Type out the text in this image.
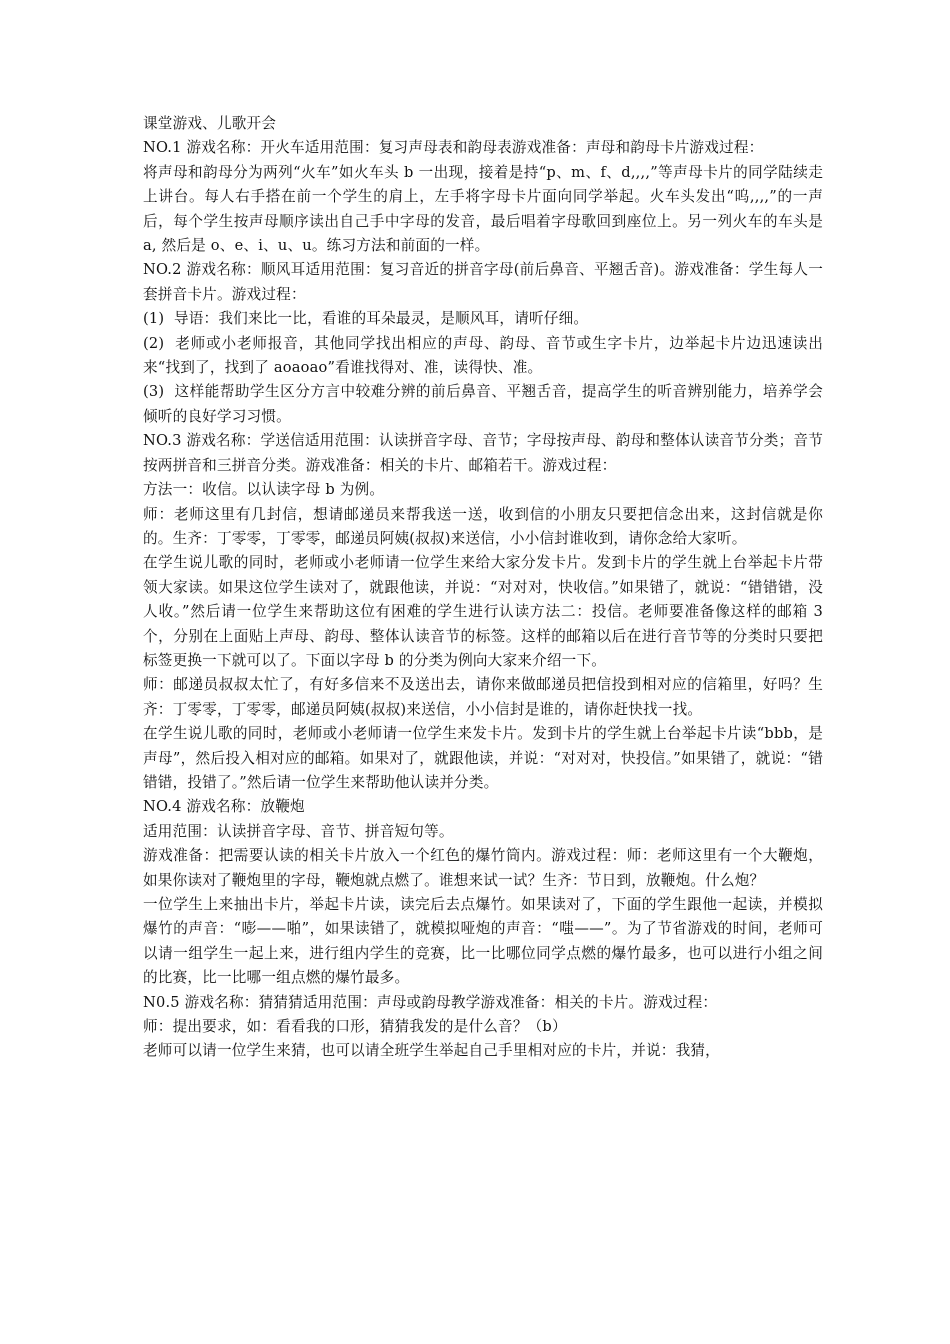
课堂游戏、儿歌开会

NO.1 游戏名称：开火车适用范围：复习声母表和韵母表游戏准备：声母和韵母卡片游戏过程：

将声母和韵母分为两列“火车”如火车头 b 一出现，接着是持“p、m、f、d,,,,”等声母卡片的同学陆续走上讲台。每人右手搭在前一个学生的肩上，左手将字母卡片面向同学举起。火车头发出“呜,,,,”的一声后，每个学生按声母顺序读出自己手中字母的发音，最后唱着字母歌回到座位上。另一列火车的车头是 a, 然后是 o、e、i、u、u。练习方法和前面的一样。

NO.2 游戏名称：顺风耳适用范围：复习音近的拼音字母(前后鼻音、平翘舌音)。游戏准备：学生每人一套拼音卡片。游戏过程：

(1)  导语：我们来比一比，看谁的耳朵最灵，是顺风耳，请听仔细。

(2)  老师或小老师报音，其他同学找出相应的声母、韵母、音节或生字卡片，边举起卡片边迅速读出来“找到了，找到了 aoaoao”看谁找得对、准，读得快、准。

(3)  这样能帮助学生区分方言中较难分辨的前后鼻音、平翘舌音，提高学生的听音辨别能力，培养学会倾听的良好学习习惯。

NO.3 游戏名称：学送信适用范围：认读拼音字母、音节；字母按声母、韵母和整体认读音节分类；音节按两拼音和三拼音分类。游戏准备：相关的卡片、邮箱若干。游戏过程：

方法一：收信。以认读字母 b 为例。

师：老师这里有几封信，想请邮递员来帮我送一送，收到信的小朋友只要把信念出来，这封信就是你的。生齐：丁零零，丁零零，邮递员阿姨(叔叔)来送信，小小信封谁收到，请你念给大家听。

在学生说儿歌的同时，老师或小老师请一位学生来给大家分发卡片。发到卡片的学生就上台举起卡片带领大家读。如果这位学生读对了，就跟他读，并说：“对对对，快收信。”如果错了，就说：“错错错，没人收。”然后请一位学生来帮助这位有困难的学生进行认读方法二：投信。老师要准备像这样的邮箱 3 个，分别在上面贴上声母、韵母、整体认读音节的标签。这样的邮箱以后在进行音节等的分类时只要把标签更换一下就可以了。下面以字母 b 的分类为例向大家来介绍一下。

师：邮递员叔叔太忙了，有好多信来不及送出去，请你来做邮递员把信投到相对应的信箱里，好吗？生齐：丁零零，丁零零，邮递员阿姨(叔叔)来送信，小小信封是谁的，请你赶快找一找。

在学生说儿歌的同时，老师或小老师请一位学生来发卡片。发到卡片的学生就上台举起卡片读“bbb，是声母”，然后投入相对应的邮箱。如果对了，就跟他读，并说：“对对对，快投信。”如果错了，就说：“错错错，投错了。”然后请一位学生来帮助他认读并分类。

NO.4 游戏名称：放鞭炮

适用范围：认读拼音字母、音节、拼音短句等。

游戏准备：把需要认读的相关卡片放入一个红色的爆竹筒内。游戏过程：师：老师这里有一个大鞭炮，如果你读对了鞭炮里的字母，鞭炮就点燃了。谁想来试一试？生齐：节日到，放鞭炮。什么炮？

一位学生上来抽出卡片，举起卡片读，读完后去点爆竹。如果读对了，下面的学生跟他一起读，并模拟爆竹的声音：“嘭——啪”，如果读错了，就模拟哑炮的声音：“嗤——”。为了节省游戏的时间，老师可以请一组学生一起上来，进行组内学生的竞赛，比一比哪位同学点燃的爆竹最多，也可以进行小组之间的比赛，比一比哪一组点燃的爆竹最多。

N0.5 游戏名称：猜猜猜适用范围：声母或韵母教学游戏准备：相关的卡片。游戏过程：

师：提出要求，如：看看我的口形，猜猜我发的是什么音？（b）

老师可以请一位学生来猜，也可以请全班学生举起自己手里相对应的卡片，并说：我猜，
